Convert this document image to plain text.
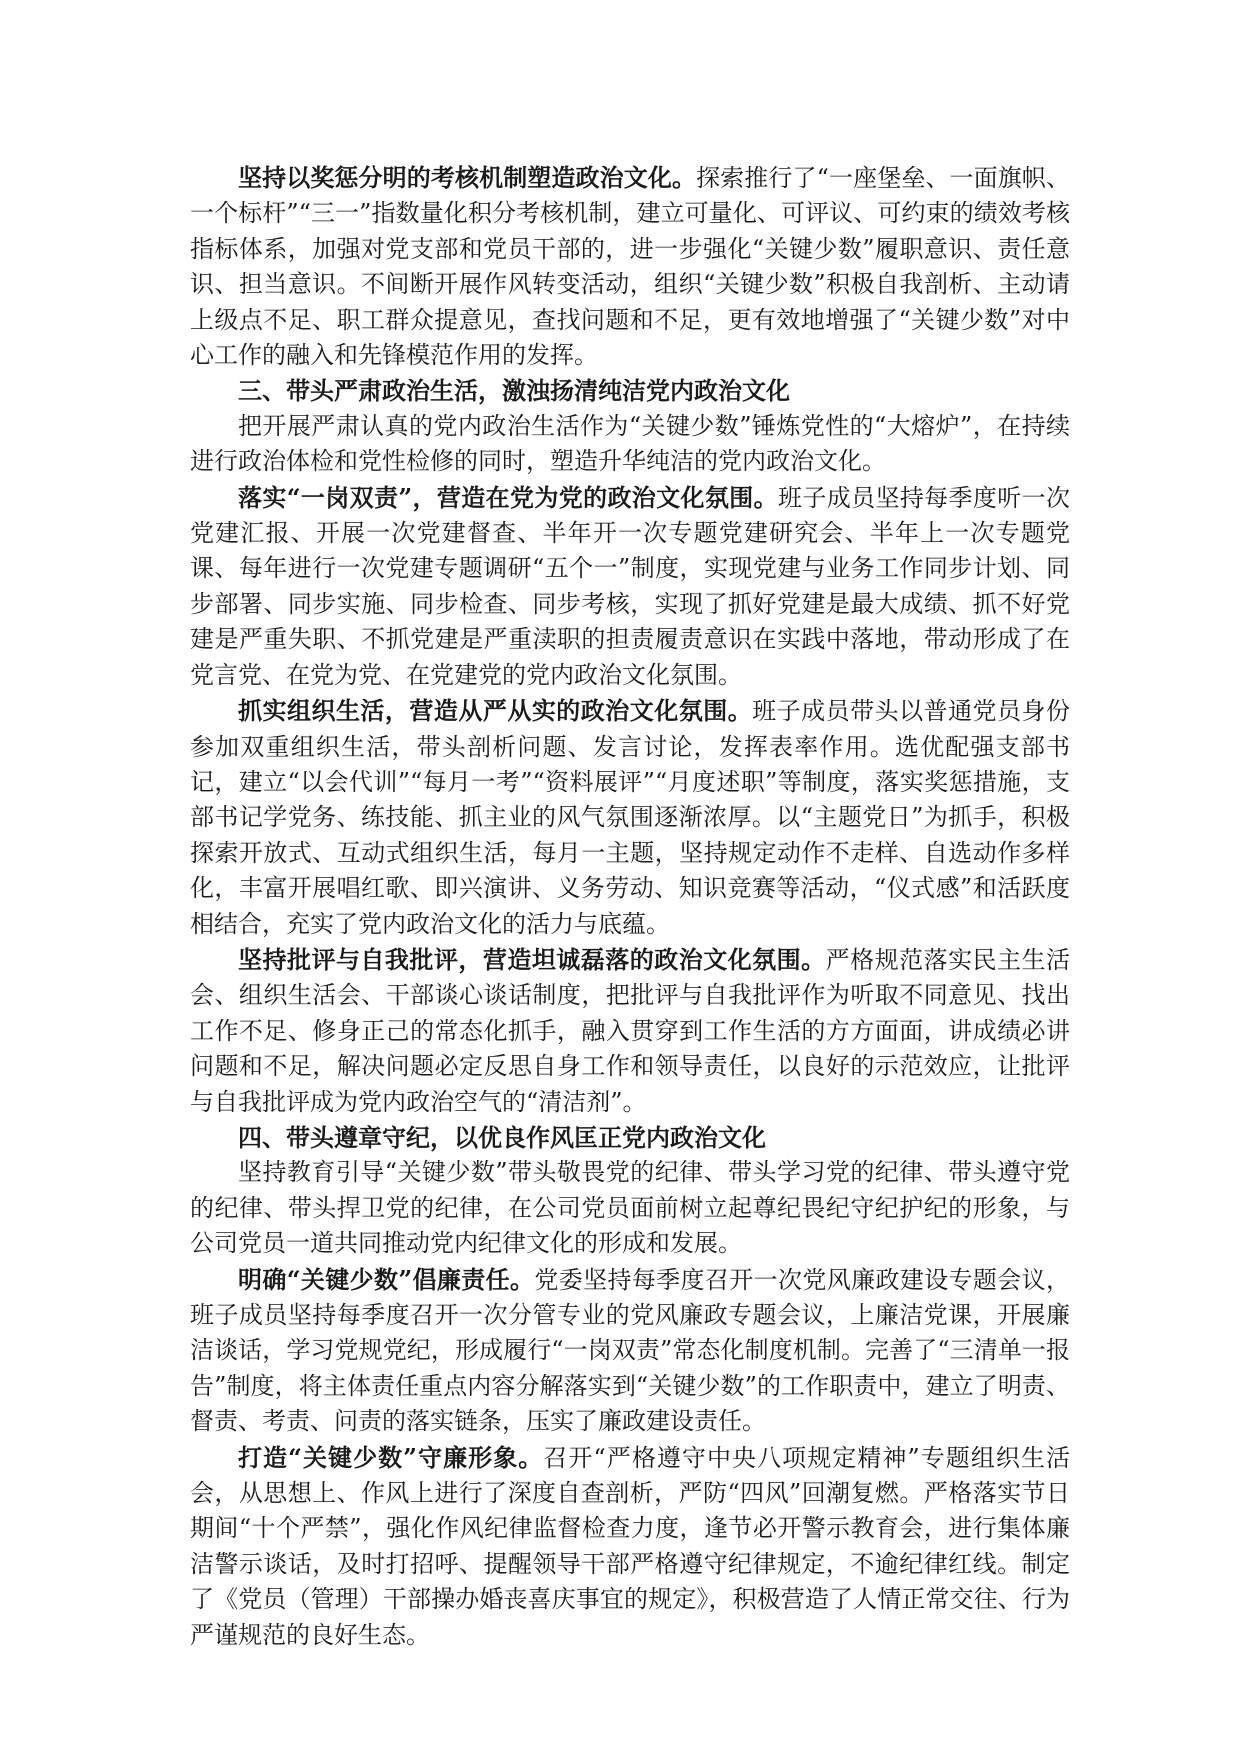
坚持以奖惩分明的考核机制塑造政治文化。探索推行了“一座堡垒、一面旗帜、一个标杆”“三一”指数量化积分考核机制，建立可量化、可评议、可约束的绩效考核指标体系，加强对党支部和党员干部的，进一步强化“关键少数”履职意识、责任意识、担当意识。不间断开展作风转变活动，组织“关键少数”积极自我剖析、主动请上级点不足、职工群众提意见，查找问题和不足，更有效地增强了“关键少数”对中心工作的融入和先锋模范作用的发挥。

三、带头严肃政治生活，激浊扬清纯洁党内政治文化

把开展严肃认真的党内政治生活作为“关键少数”锤炼党性的“大熔炉”，在持续进行政治体检和党性检修的同时，塑造升华纯洁的党内政治文化。

落实“一岗双责”，营造在党为党的政治文化氛围。班子成员坚持每季度听一次党建汇报、开展一次党建督查、半年开一次专题党建研究会、半年上一次专题党课、每年进行一次党建专题调研“五个一”制度，实现党建与业务工作同步计划、同步部署、同步实施、同步检查、同步考核，实现了抓好党建是最大成绩、抓不好党建是严重失职、不抓党建是严重渎职的担责履责意识在实践中落地，带动形成了在党言党、在党为党、在党建党的党内政治文化氛围。

抓实组织生活，营造从严从实的政治文化氛围。班子成员带头以普通党员身份参加双重组织生活，带头剖析问题、发言讨论，发挥表率作用。选优配强支部书记，建立“以会代训”“每月一考”“资料展评”“月度述职”等制度，落实奖惩措施，支部书记学党务、练技能、抓主业的风气氛围逐渐浓厚。以“主题党日”为抓手，积极探索开放式、互动式组织生活，每月一主题，坚持规定动作不走样、自选动作多样化，丰富开展唱红歌、即兴演讲、义务劳动、知识竞赛等活动，“仪式感”和活跃度相结合，充实了党内政治文化的活力与底蕴。

坚持批评与自我批评，营造坦诚磊落的政治文化氛围。严格规范落实民主生活会、组织生活会、干部谈心谈话制度，把批评与自我批评作为听取不同意见、找出工作不足、修身正己的常态化抓手，融入贯穿到工作生活的方方面面，讲成绩必讲问题和不足，解决问题必定反思自身工作和领导责任，以良好的示范效应，让批评与自我批评成为党内政治空气的“清洁剂”。

四、带头遵章守纪，以优良作风匡正党内政治文化

坚持教育引导“关键少数”带头敬畏党的纪律、带头学习党的纪律、带头遵守党的纪律、带头捍卫党的纪律，在公司党员面前树立起尊纪畏纪守纪护纪的形象，与公司党员一道共同推动党内纪律文化的形成和发展。

明确“关键少数”倡廉责任。党委坚持每季度召开一次党风廉政建设专题会议，班子成员坚持每季度召开一次分管专业的党风廉政专题会议，上廉洁党课，开展廉洁谈话，学习党规党纪，形成履行“一岗双责”常态化制度机制。完善了“三清单一报告”制度，将主体责任重点内容分解落实到“关键少数”的工作职责中，建立了明责、督责、考责、问责的落实链条，压实了廉政建设责任。

打造“关键少数”守廉形象。召开“严格遵守中央八项规定精神”专题组织生活会，从思想上、作风上进行了深度自查剖析，严防“四风”回潮复燃。严格落实节日期间“十个严禁”，强化作风纪律监督检查力度，逢节必开警示教育会，进行集体廉洁警示谈话，及时打招呼、提醒领导干部严格遵守纪律规定，不逾纪律红线。制定了《党员（管理）干部操办婚丧喜庆事宜的规定》，积极营造了人情正常交往、行为严谨规范的良好生态。
